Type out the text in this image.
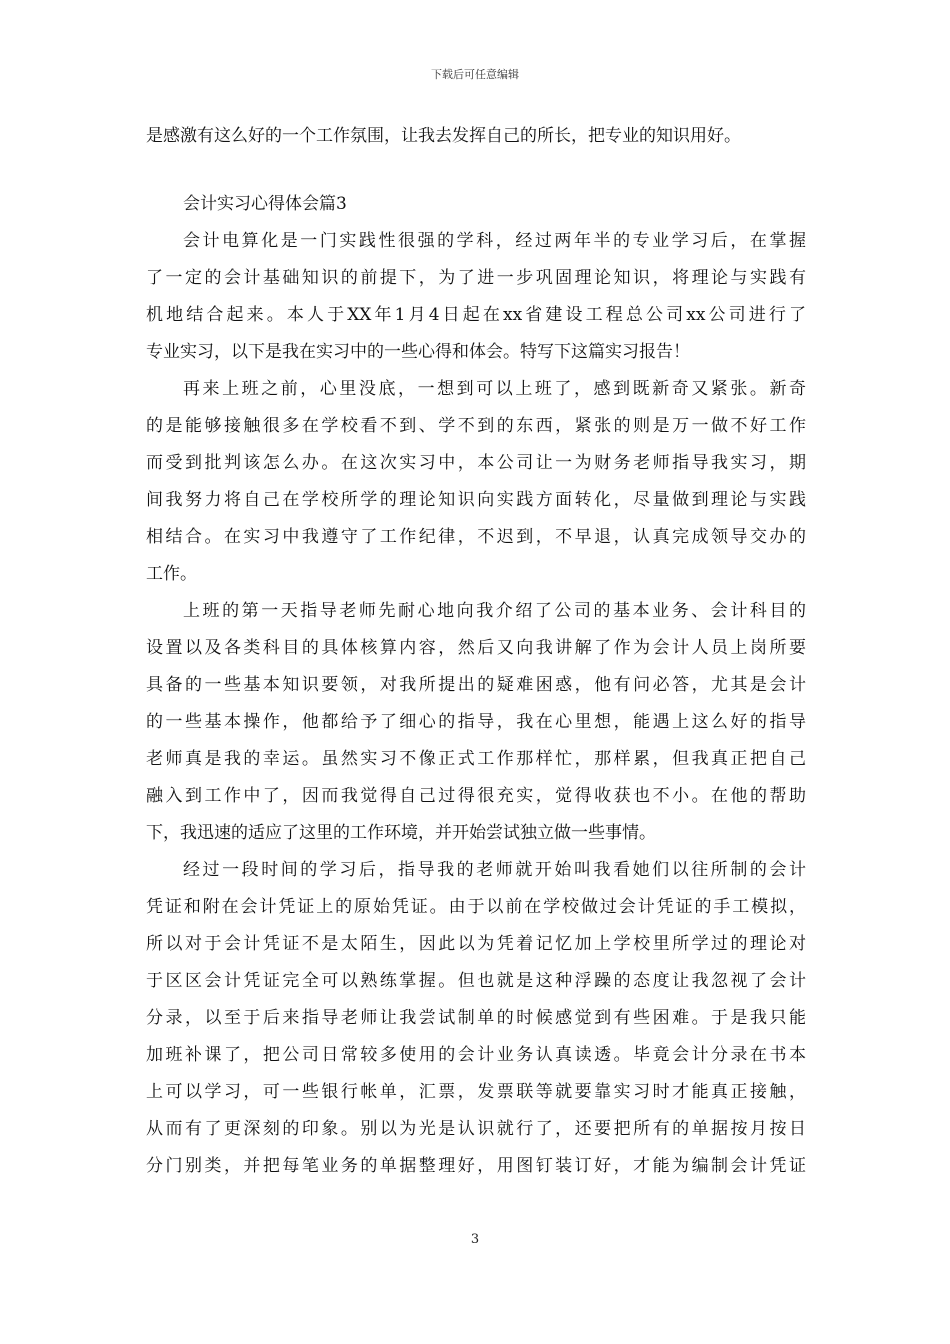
下载后可任意编辑
是感激有这么好的一个工作氛围，让我去发挥自己的所长，把专业的知识用好。
会计实习心得体会篇3
会计电算化是一门实践性很强的学科，经过两年半的专业学习后，在掌握
了一定的会计基础知识的前提下，为了进一步巩固理论知识，将理论与实践有
机地结合起来。本人于XX年1月4日起在xx省建设工程总公司xx公司进行了
专业实习，以下是我在实习中的一些心得和体会。特写下这篇实习报告！
再来上班之前，心里没底，一想到可以上班了，感到既新奇又紧张。新奇
的是能够接触很多在学校看不到、学不到的东西，紧张的则是万一做不好工作
而受到批判该怎么办。在这次实习中，本公司让一为财务老师指导我实习，期
间我努力将自己在学校所学的理论知识向实践方面转化，尽量做到理论与实践
相结合。在实习中我遵守了工作纪律，不迟到，不早退，认真完成领导交办的
工作。
上班的第一天指导老师先耐心地向我介绍了公司的基本业务、会计科目的
设置以及各类科目的具体核算内容，然后又向我讲解了作为会计人员上岗所要
具备的一些基本知识要领，对我所提出的疑难困惑，他有问必答，尤其是会计
的一些基本操作，他都给予了细心的指导，我在心里想，能遇上这么好的指导
老师真是我的幸运。虽然实习不像正式工作那样忙，那样累，但我真正把自己
融入到工作中了，因而我觉得自己过得很充实，觉得收获也不小。在他的帮助
下，我迅速的适应了这里的工作环境，并开始尝试独立做一些事情。
经过一段时间的学习后，指导我的老师就开始叫我看她们以往所制的会计
凭证和附在会计凭证上的原始凭证。由于以前在学校做过会计凭证的手工模拟，
所以对于会计凭证不是太陌生，因此以为凭着记忆加上学校里所学过的理论对
于区区会计凭证完全可以熟练掌握。但也就是这种浮躁的态度让我忽视了会计
分录，以至于后来指导老师让我尝试制单的时候感觉到有些困难。于是我只能
加班补课了，把公司日常较多使用的会计业务认真读透。毕竟会计分录在书本
上可以学习，可一些银行帐单，汇票，发票联等就要靠实习时才能真正接触，
从而有了更深刻的印象。别以为光是认识就行了，还要把所有的单据按月按日
分门别类，并把每笔业务的单据整理好，用图钉装订好，才能为编制会计凭证
3
